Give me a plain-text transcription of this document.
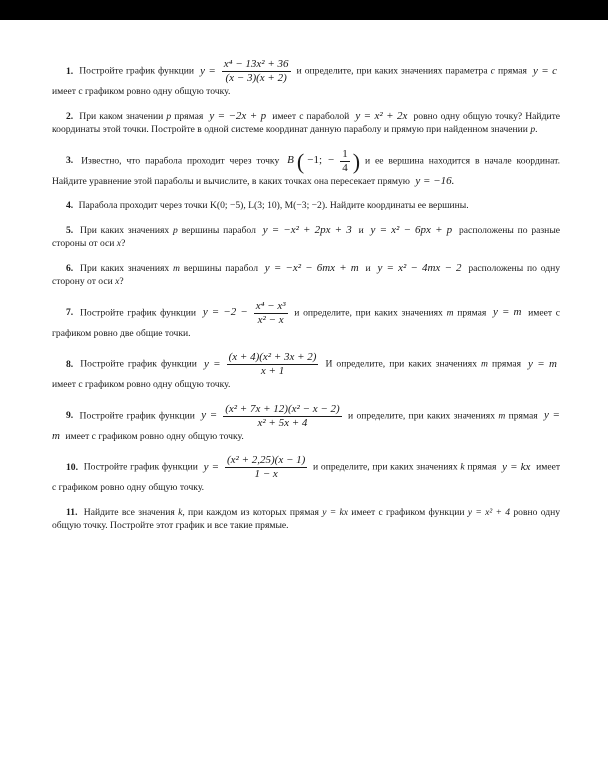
1. Постройте график функции $y = \frac{\text{x⁴ − 13x² + 36}}{(x - 3)(x + 2)}$ и определите, при каких значениях параметра c прямая y = c имеет с графиком ровно одну общую точку.

2. При каком значении p прямая y = −2x + p имеет с параболой y = x² + 2x ровно одну общую точку? Найдите координаты этой точки. Постройте в одной системе координат данную параболу и прямую при найденном значении p.

3. Известно, что парабола проходит через точку B ( −1; − $\frac{1}{4}$ ) и ее вершина находится в начале координат. Найдите уравнение этой параболы и вычислите, в каких точках она пересекает прямую y = −16.

4. Парабола проходит через точки K(0; −5), L(3; 10), M(−3; −2). Найдите координаты ее вершины.

5. При каких значениях p вершины парабол y = −x² + 2px + 3 и y = x² − 6px + p расположены по разные стороны от оси x?

6. При каких значениях m вершины парабол y = −x² − 6mx + m и y = x² − 4mx − 2 расположены по одну сторону от оси x?

7. Постройте график функции $y = -2 - \frac{\text{x⁴ − x³}}{\text{x² − x}}$ и определите, при каких значениях m прямая y = m имеет с графиком ровно две общие точки.

8. Постройте график функции $y = \frac{\text{(x + 4)(x² + 3x + 2)}}{x + 1}$ И определите, при каких значениях m прямая y = m имеет с графиком ровно одну общую точку.

9. Постройте график функции $y = \frac{\text{(x² + 7x + 12)(x² − x − 2)}}{\text{x² + 5x + 4}}$ и определите, при каких значениях m прямая y = m имеет с графиком ровно одну общую точку.

10. Постройте график функции $y = \frac{\text{(x² + 2,25)(x − 1)}}{1 - x}$ и определите, при каких значениях k прямая y = kx имеет с графиком ровно одну общую точку.

11. Найдите все значения k, при каждом из которых прямая y = kx имеет с графиком функции y = x² + 4 ровно одну общую точку. Постройте этот график и все такие прямые.
